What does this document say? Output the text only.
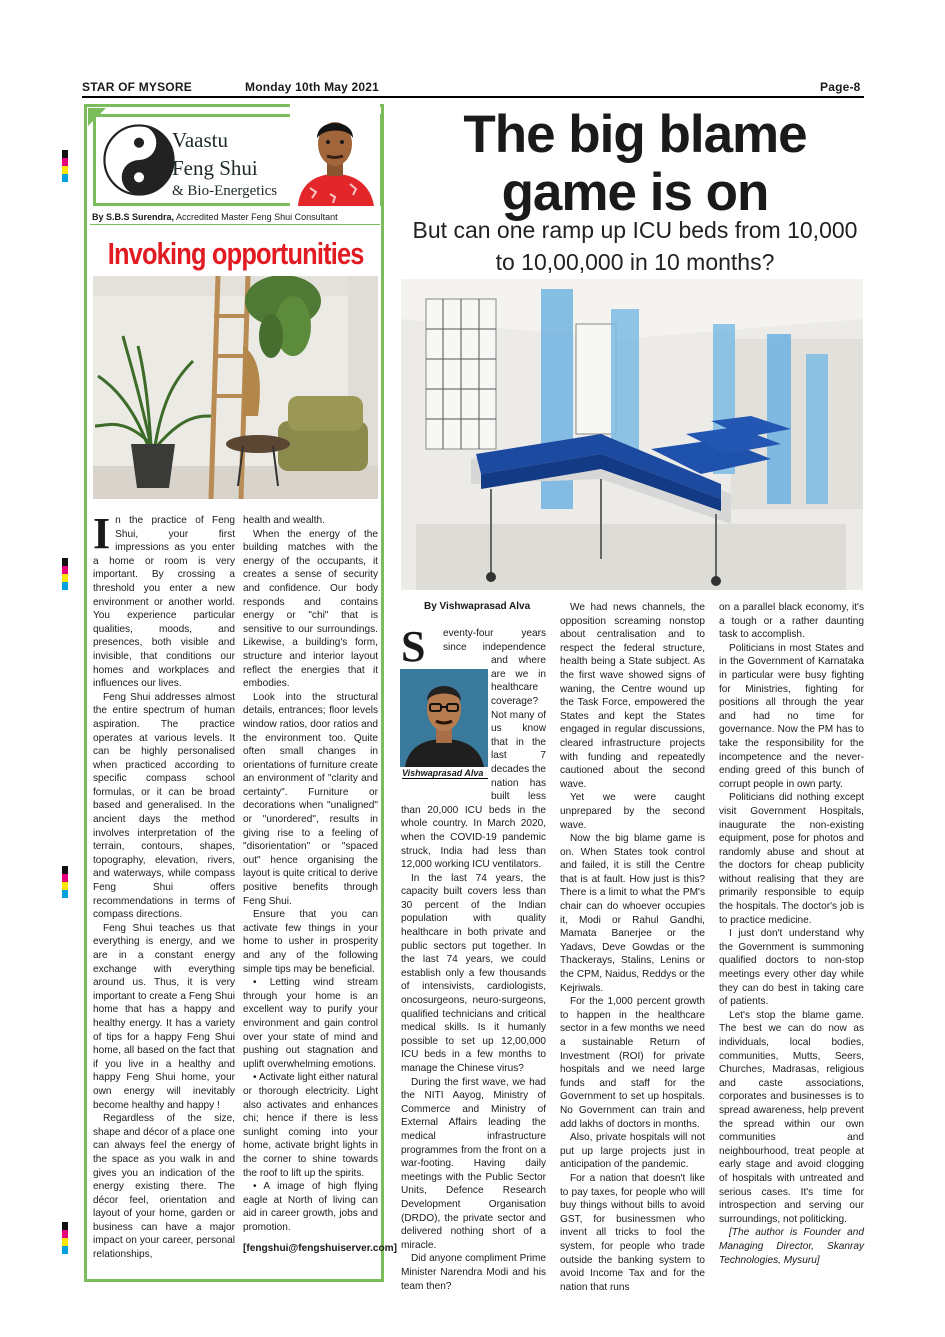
STAR OF MYSORE	Monday 10th May 2021	Page-8
Vaastu
Feng Shui
& Bio-Energetics
By S.B.S Surendra, Accredited Master Feng Shui Consultant
Invoking opportunities

In the practice of Feng Shui, your first impressions as you enter a home or room is very important. By crossing a threshold you enter a new environment or another world. You experience particular qualities, moods, and presences, both visible and invisible, that conditions our homes and workplaces and influences our lives.

Feng Shui addresses almost the entire spectrum of human aspiration. The practice operates at various levels. It can be highly personalised when practiced according to specific compass school formulas, or it can be broad based and generalised. In the ancient days the method involves interpretation of the terrain, contours, shapes, topography, elevation, rivers, and waterways, while compass Feng Shui offers recommendations in terms of compass directions.

Feng Shui teaches us that everything is energy, and we are in a constant energy exchange with everything around us. Thus, it is very important to create a Feng Shui home that has a happy and healthy energy. It has a variety of tips for a happy Feng Shui home, all based on the fact that if you live in a healthy and happy Feng Shui home, your own energy will inevitably become healthy and happy !

Regardless of the size, shape and décor of a place one can always feel the energy of the space as you walk in and gives you an indication of the energy existing there. The décor feel, orientation and layout of your home, garden or business can have a major impact on your career, personal relationships,

health and wealth.

When the energy of the building matches with the energy of the occupants, it creates a sense of security and confidence. Our body responds and contains energy or "chi" that is sensitive to our surroundings. Likewise, a building's form, structure and interior layout reflect the energies that it embodies.

Look into the structural details, entrances; floor levels window ratios, door ratios and the environment too. Quite often small changes in orientations of furniture create an environment of "clarity and certainty". Furniture or decorations when "unaligned" or "unordered", results in giving rise to a feeling of "disorientation" or "spaced out" hence organising the layout is quite critical to derive positive benefits through Feng Shui.

Ensure that you can activate few things in your home to usher in prosperity and any of the following simple tips may be beneficial.

• Letting wind stream through your home is an excellent way to purify your environment and gain control over your state of mind and pushing out stagnation and uplift overwhelming emotions.

• Activate light either natural or thorough electricity. Light also activates and enhances chi; hence if there is less sunlight coming into your home, activate bright lights in the corner to shine towards the roof to lift up the spirits.

• A image of high flying eagle at North of living can aid in career growth, jobs and promotion.

[fengshui@fengshuiserver.com]

The big blame game is on
But can one ramp up ICU beds from 10,000 to 10,00,000 in 10 months?
By Vishwaprasad Alva
Vishwaprasad Alva

S	eventy-four years since independence and where are we in healthcare coverage? Not many of us know that in the last 7 decades the nation has built less than 20,000 ICU beds in the whole country. In March 2020, when the COVID-19 pandemic struck, India had less than 12,000 working ICU ventilators.

In the last 74 years, the capacity built covers less than 30 percent of the Indian population with quality healthcare in both private and public sectors put together. In the last 74 years, we could establish only a few thousands of intensivists, cardiologists, oncosurgeons, neuro-surgeons, qualified technicians and critical medical skills. Is it humanly possible to set up 12,00,000 ICU beds in a few months to manage the Chinese virus?

During the first wave, we had the NITI Aayog, Ministry of Commerce and Ministry of External Affairs leading the medical infrastructure programmes from the front on a war-footing. Having daily meetings with the Public Sector Units, Defence Research Development Organisation (DRDO), the private sector and delivered nothing short of a miracle.

Did anyone compliment Prime Minister Narendra Modi and his team then?

We had news channels, the opposition screaming nonstop about centralisation and to respect the federal structure, health being a State subject. As the first wave showed signs of waning, the Centre wound up the Task Force, empowered the States and kept the States engaged in regular discussions, cleared infrastructure projects with funding and repeatedly cautioned about the second wave.

Yet we were caught unprepared by the second wave.

Now the big blame game is on. When States took control and failed, it is still the Centre that is at fault. How just is this? There is a limit to what the PM's chair can do whoever occupies it, Modi or Rahul Gandhi, Mamata Banerjee or the Yadavs, Deve Gowdas or the Thackerays, Stalins, Lenins or the CPM, Naidus, Reddys or the Kejriwals.

For the 1,000 percent growth to happen in the healthcare sector in a few months we need a sustainable Return of Investment (ROI) for private hospitals and we need large funds and staff for the Government to set up hospitals. No Government can train and add lakhs of doctors in months.

Also, private hospitals will not put up large projects just in anticipation of the pandemic.

For a nation that doesn't like to pay taxes, for people who will buy things without bills to avoid GST, for businessmen who invent all tricks to fool the system, for people who trade outside the banking system to avoid Income Tax and for the nation that runs

on a parallel black economy, it's a tough or a rather daunting task to accomplish.

Politicians in most States and in the Government of Karnataka in particular were busy fighting for Ministries, fighting for positions all through the year and had no time for governance. Now the PM has to take the responsibility for the incompetence and the never-ending greed of this bunch of corrupt people in own party.

Politicians did nothing except visit Government Hospitals, inaugurate the non-existing equipment, pose for photos and randomly abuse and shout at the doctors for cheap publicity without realising that they are primarily responsible to equip the hospitals. The doctor's job is to practice medicine.

I just don't understand why the Government is summoning qualified doctors to non-stop meetings every other day while they can do best in taking care of patients.

Let's stop the blame game. The best we can do now as individuals, local bodies, communities, Mutts, Seers, Churches, Madrasas, religious and caste associations, corporates and businesses is to spread awareness, help prevent the spread within our own communities and neighbourhood, treat people at early stage and avoid clogging of hospitals with untreated and serious cases. It's time for introspection and serving our surroundings, not politicking.

[The author is Founder and Managing Director, Skanray Technologies, Mysuru]
